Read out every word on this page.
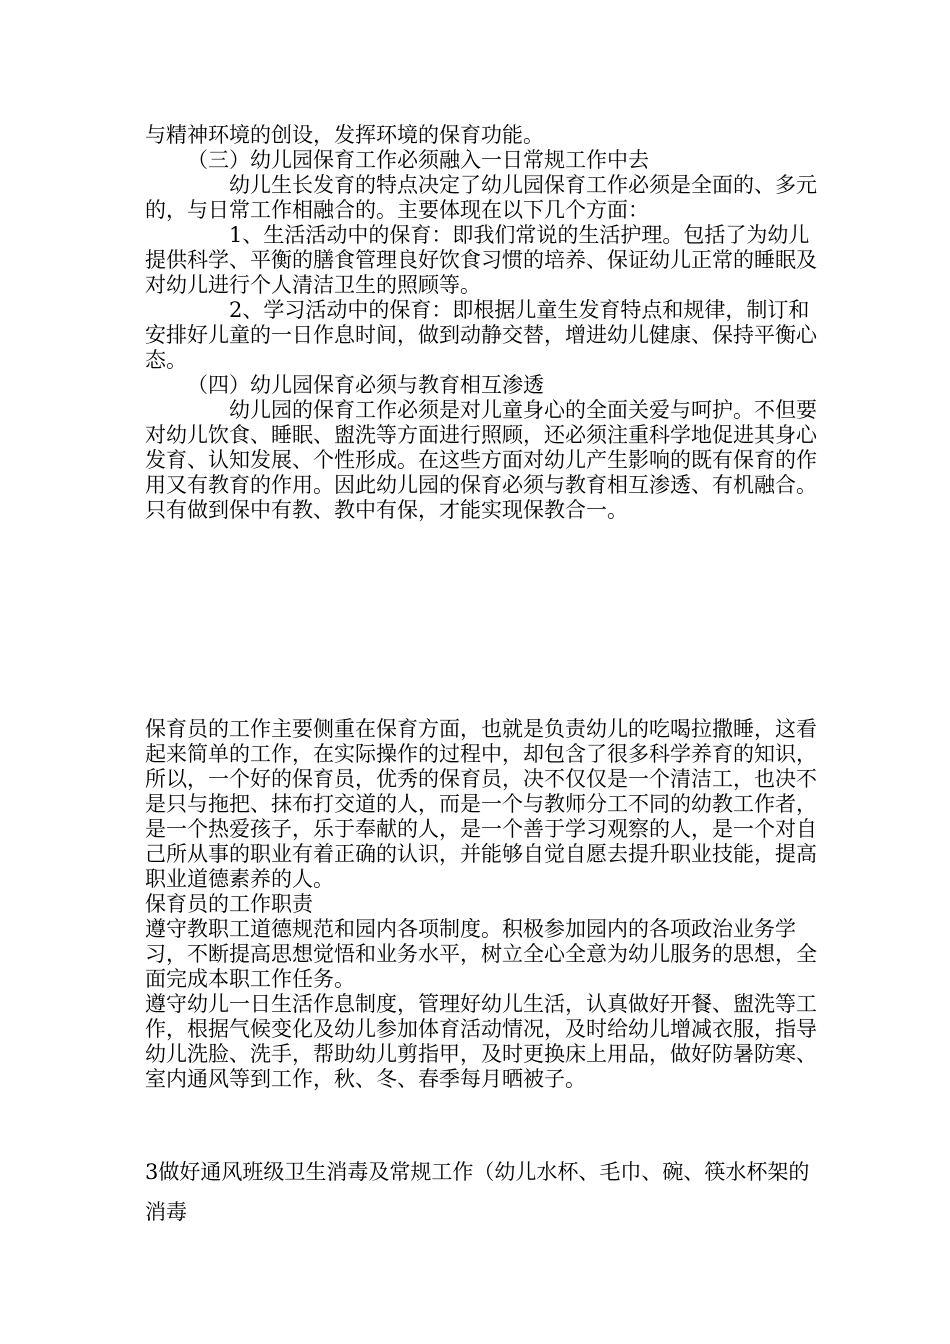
与精神环境的创设，发挥环境的保育功能。

（三）幼儿园保育工作必须融入一日常规工作中去

幼儿生长发育的特点决定了幼儿园保育工作必须是全面的、多元的，与日常工作相融合的。主要体现在以下几个方面：

1、生活活动中的保育：即我们常说的生活护理。包括了为幼儿提供科学、平衡的膳食管理良好饮食习惯的培养、保证幼儿正常的睡眠及对幼儿进行个人清洁卫生的照顾等。

2、学习活动中的保育：即根据儿童生发育特点和规律，制订和安排好儿童的一日作息时间，做到动静交替，增进幼儿健康、保持平衡心态。

（四）幼儿园保育必须与教育相互渗透

幼儿园的保育工作必须是对儿童身心的全面关爱与呵护。不但要对幼儿饮食、睡眠、盥洗等方面进行照顾，还必须注重科学地促进其身心发育、认知发展、个性形成。在这些方面对幼儿产生影响的既有保育的作用又有教育的作用。因此幼儿园的保育必须与教育相互渗透、有机融合。只有做到保中有教、教中有保，才能实现保教合一。

保育员的工作主要侧重在保育方面，也就是负责幼儿的吃喝拉撒睡，这看起来简单的工作，在实际操作的过程中，却包含了很多科学养育的知识，所以，一个好的保育员，优秀的保育员，决不仅仅是一个清洁工，也决不是只与拖把、抹布打交道的人，而是一个与教师分工不同的幼教工作者，是一个热爱孩子，乐于奉献的人，是一个善于学习观察的人，是一个对自己所从事的职业有着正确的认识，并能够自觉自愿去提升职业技能，提高职业道德素养的人。

保育员的工作职责

遵守教职工道德规范和园内各项制度。积极参加园内的各项政治业务学习，不断提高思想觉悟和业务水平，树立全心全意为幼儿服务的思想，全面完成本职工作任务。

遵守幼儿一日生活作息制度，管理好幼儿生活，认真做好开餐、盥洗等工作，根据气候变化及幼儿参加体育活动情况，及时给幼儿增减衣服，指导幼儿洗脸、洗手，帮助幼儿剪指甲，及时更换床上用品，做好防暑防寒、室内通风等到工作，秋、冬、春季每月晒被子。

3做好通风班级卫生消毒及常规工作（幼儿水杯、毛巾、碗、筷水杯架的消毒
